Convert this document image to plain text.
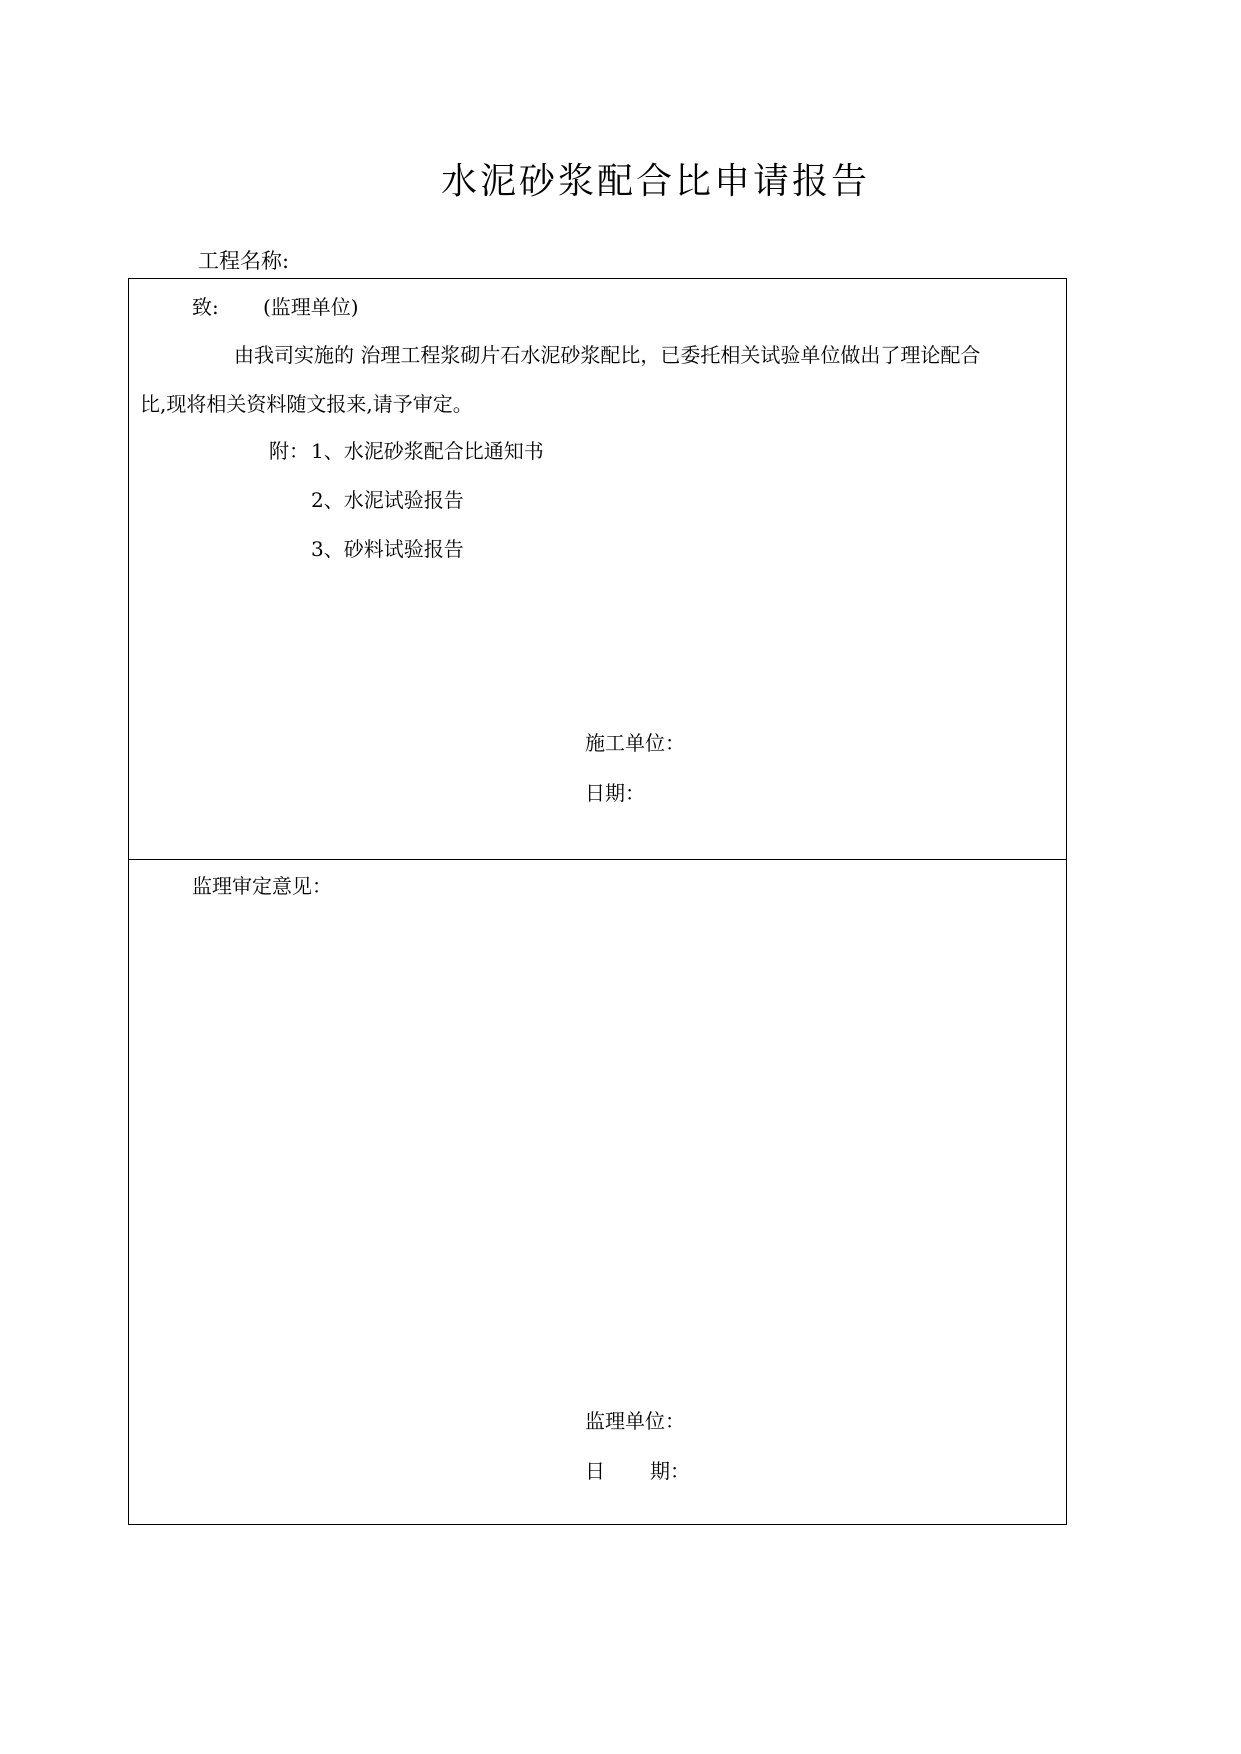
水泥砂浆配合比申请报告
工程名称:
致: (监理单位)
由我司实施的 治理工程浆砌片石水泥砂浆配比，已委托相关试验单位做出了理论配合
比,现将相关资料随文报来,请予审定。
附： 1、水泥砂浆配合比通知书
2、水泥试验报告
3、砂料试验报告
施工单位：
日期：
监理审定意见：
监理单位：
日 期：
